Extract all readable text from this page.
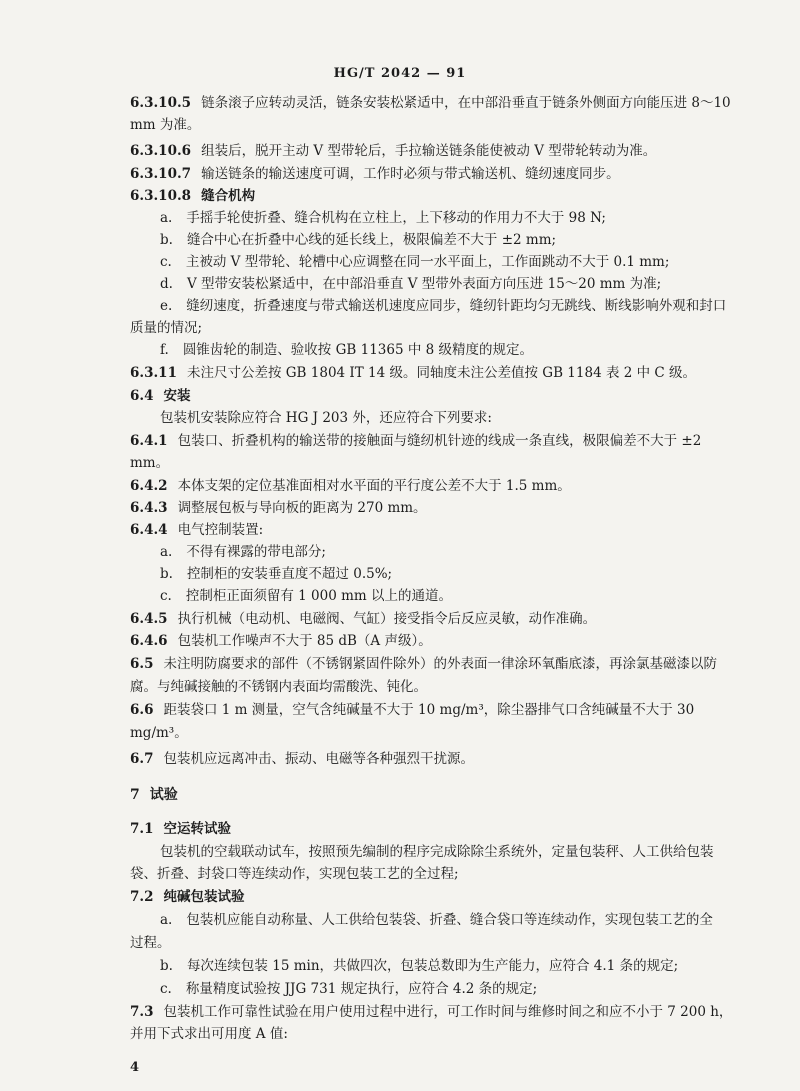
HG/T 2042 — 91
6.3.10.5 链条滚子应转动灵活，链条安装松紧适中，在中部沿垂直于链条外侧面方向能压进 8～10
mm 为准。
6.3.10.6 组装后，脱开主动 V 型带轮后，手拉输送链条能使被动 V 型带轮转动为准。
6.3.10.7 输送链条的输送速度可调，工作时必须与带式输送机、缝纫速度同步。
6.3.10.8 缝合机构
a. 手摇手轮使折叠、缝合机构在立柱上，上下移动的作用力不大于 98 N;
b. 缝合中心在折叠中心线的延长线上，极限偏差不大于 ±2 mm;
c. 主被动 V 型带轮、轮槽中心应调整在同一水平面上，工作面跳动不大于 0.1 mm;
d. V 型带安装松紧适中，在中部沿垂直 V 型带外表面方向压进 15～20 mm 为准;
e. 缝纫速度，折叠速度与带式输送机速度应同步，缝纫针距均匀无跳线、断线影响外观和封口
质量的情况;
f. 圆锥齿轮的制造、验收按 GB 11365 中 8 级精度的规定。
6.3.11 未注尺寸公差按 GB 1804 IT 14 级。同轴度未注公差值按 GB 1184 表 2 中 C 级。
6.4 安装
包装机安装除应符合 HG J 203 外，还应符合下列要求:
6.4.1 包装口、折叠机构的输送带的接触面与缝纫机针迹的线成一条直线，极限偏差不大于 ±2
mm。
6.4.2 本体支架的定位基准面相对水平面的平行度公差不大于 1.5 mm。
6.4.3 调整展包板与导向板的距离为 270 mm。
6.4.4 电气控制装置:
a. 不得有裸露的带电部分;
b. 控制柜的安装垂直度不超过 0.5%;
c. 控制柜正面须留有 1 000 mm 以上的通道。
6.4.5 执行机械（电动机、电磁阀、气缸）接受指令后反应灵敏，动作准确。
6.4.6 包装机工作噪声不大于 85 dB（A 声级）。
6.5 未注明防腐要求的部件（不锈钢紧固件除外）的外表面一律涂环氧酯底漆，再涂氯基磁漆以防
腐。与纯碱接触的不锈钢内表面均需酸洗、钝化。
6.6 距装袋口 1 m 测量，空气含纯碱量不大于 10 mg/m³，除尘器排气口含纯碱量不大于 30
mg/m³。
6.7 包装机应远离冲击、振动、电磁等各种强烈干扰源。
7 试验
7.1 空运转试验
包装机的空载联动试车，按照预先编制的程序完成除除尘系统外，定量包装秤、人工供给包装
袋、折叠、封袋口等连续动作，实现包装工艺的全过程;
7.2 纯碱包装试验
a. 包装机应能自动称量、人工供给包装袋、折叠、缝合袋口等连续动作，实现包装工艺的全
过程。
b. 每次连续包装 15 min，共做四次，包装总数即为生产能力，应符合 4.1 条的规定;
c. 称量精度试验按 JJG 731 规定执行，应符合 4.2 条的规定;
7.3 包装机工作可靠性试验在用户使用过程中进行，可工作时间与维修时间之和应不小于 7 200 h，
并用下式求出可用度 A 值:
4
